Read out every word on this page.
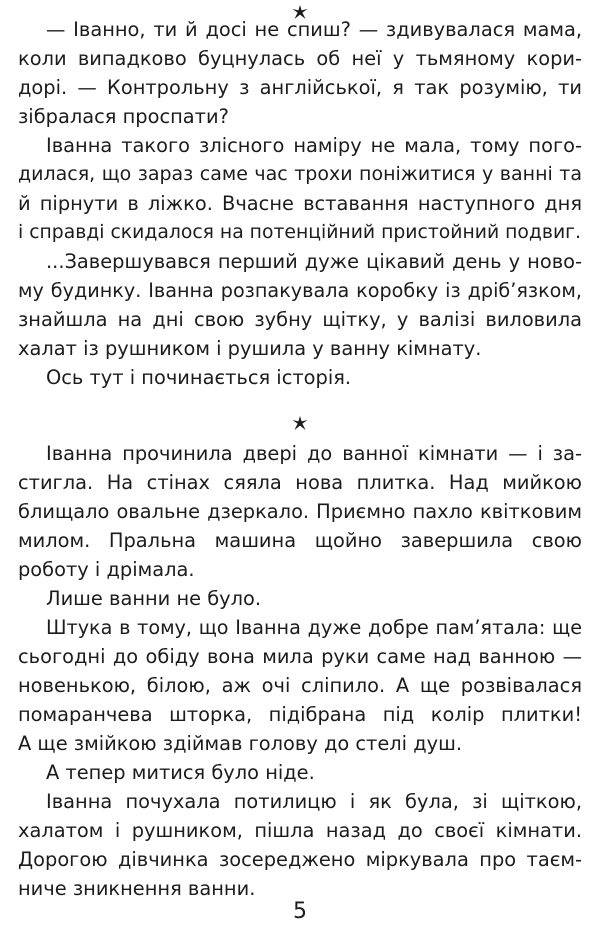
— Іванно, ти й досі не спиш? — здивувалася мама,
коли випадково буцнулась об неї у тьмяному кори-
дорі. — Контрольну з англійської, я так розумію, ти
зібралася проспати?
Іванна такого злісного наміру не мала, тому пого-
дилася, що зараз саме час трохи поніжитися у ванні та
й пірнути в ліжко. Вчасне вставання наступного дня
і справді скидалося на потенційний пристойний подвиг.
...Завершувався перший дуже цікавий день у ново-
му будинку. Іванна розпакувала коробку із дріб’язком,
знайшла на дні свою зубну щітку, у валізі виловила
халат із рушником і рушила у ванну кімнату.
Ось тут і починається історія.
Іванна прочинила двері до ванної кімнати — і за-
стигла. На стінах сяяла нова плитка. Над мийкою
блищало овальне дзеркало. Приємно пахло квітковим
милом. Пральна машина щойно завершила свою
роботу і дрімала.
Лише ванни не було.
Штука в тому, що Іванна дуже добре пам’ятала: ще
сьогодні до обіду вона мила руки саме над ванною —
новенькою, білою, аж очі сліпило. А ще розвівалася
помаранчева шторка, підібрана під колір плитки!
А ще змійкою здіймав голову до стелі душ.
А тепер митися було ніде.
Іванна почухала потилицю і як була, зі щіткою,
халатом і рушником, пішла назад до своєї кімнати.
Дорогою дівчинка зосереджено міркувала про таєм-
ниче зникнення ванни.
5
